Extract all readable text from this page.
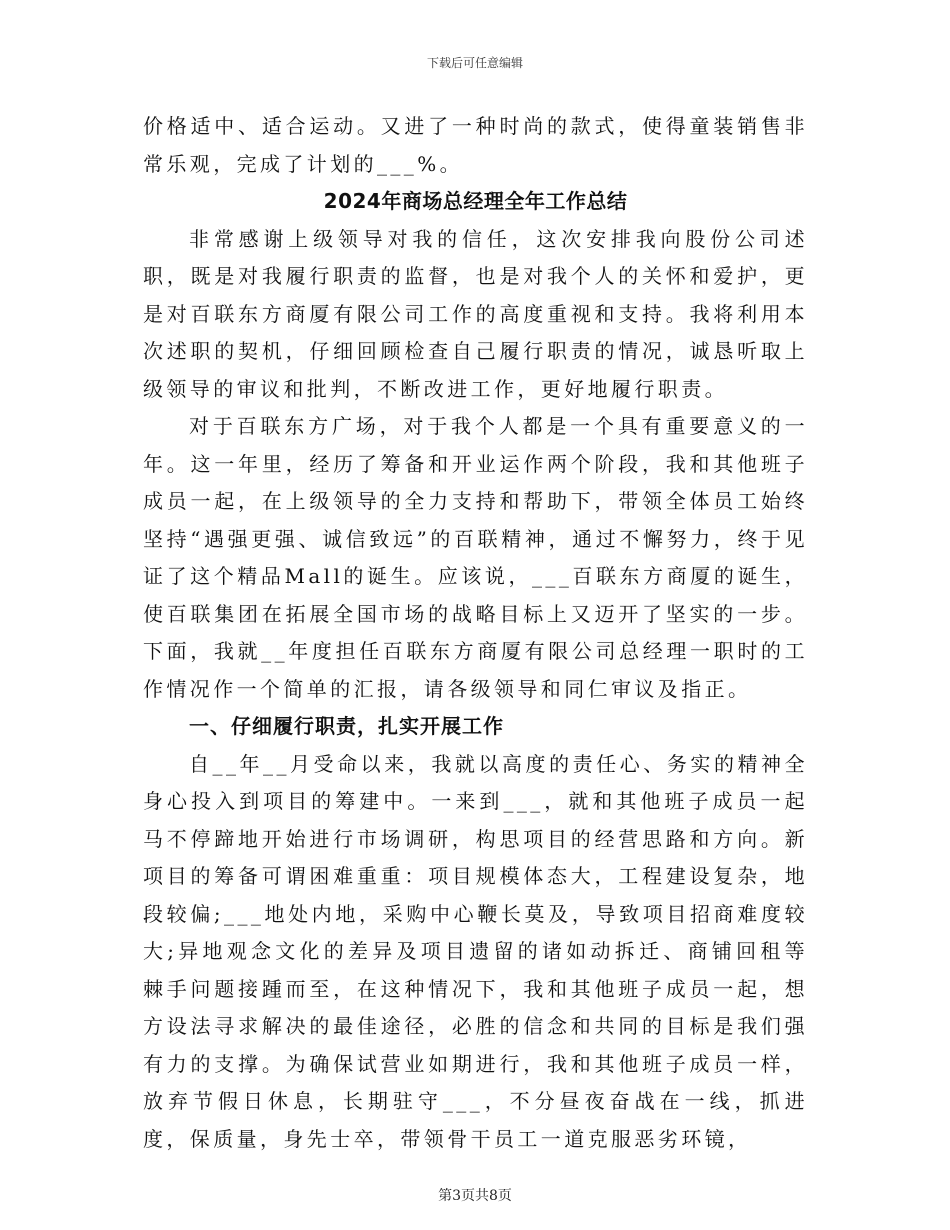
下载后可任意编辑

价格适中、适合运动。又进了一种时尚的款式，使得童装销售非常乐观，完成了计划的___%。

2024年商场总经理全年工作总结

非常感谢上级领导对我的信任，这次安排我向股份公司述职，既是对我履行职责的监督，也是对我个人的关怀和爱护，更是对百联东方商厦有限公司工作的高度重视和支持。我将利用本次述职的契机，仔细回顾检查自己履行职责的情况，诚恳听取上级领导的审议和批判，不断改进工作，更好地履行职责。

对于百联东方广场，对于我个人都是一个具有重要意义的一年。这一年里，经历了筹备和开业运作两个阶段，我和其他班子成员一起，在上级领导的全力支持和帮助下，带领全体员工始终坚持“遇强更强、诚信致远”的百联精神，通过不懈努力，终于见证了这个精品Mall的诞生。应该说，___百联东方商厦的诞生，使百联集团在拓展全国市场的战略目标上又迈开了坚实的一步。下面，我就__年度担任百联东方商厦有限公司总经理一职时的工作情况作一个简单的汇报，请各级领导和同仁审议及指正。

一、仔细履行职责，扎实开展工作

自__年__月受命以来，我就以高度的责任心、务实的精神全身心投入到项目的筹建中。一来到___，就和其他班子成员一起马不停蹄地开始进行市场调研，构思项目的经营思路和方向。新项目的筹备可谓困难重重：项目规模体态大，工程建设复杂，地段较偏;___地处内地，采购中心鞭长莫及，导致项目招商难度较大;异地观念文化的差异及项目遗留的诸如动拆迁、商铺回租等棘手问题接踵而至，在这种情况下，我和其他班子成员一起，想方设法寻求解决的最佳途径，必胜的信念和共同的目标是我们强有力的支撑。为确保试营业如期进行，我和其他班子成员一样，放弃节假日休息，长期驻守___，不分昼夜奋战在一线，抓进度，保质量，身先士卒，带领骨干员工一道克服恶劣环镜，

第3页共8页
